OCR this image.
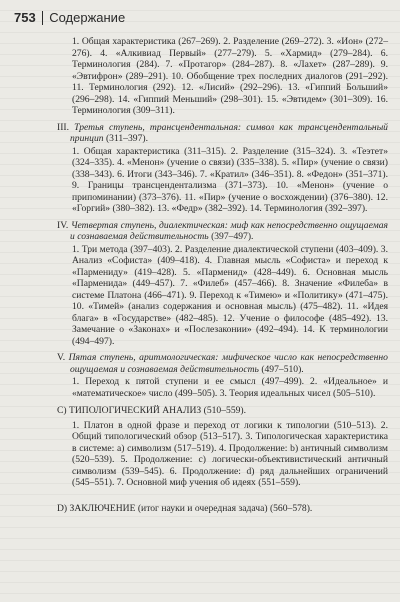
753 Содержание
1. Общая характеристика (267–269). 2. Разделение (269–272). 3. «Ион» (272–276). 4. «Алкивиад Первый» (277–279). 5. «Хармид» (279–284). 6. Терминология (284). 7. «Протагор» (284–287). 8. «Лахет» (287–289). 9. «Эвтифрон» (289–291). 10. Обобщение трех последних диалогов (291–292). 11. Терминология (292). 12. «Лисий» (292–296). 13. «Гиппий Больший» (296–298). 14. «Гиппий Меньший» (298–301). 15. «Эвтидем» (301–309). 16. Терминология (309–311).
III. Третья ступень, трансцендентальная: символ как трансцендентальный принцип (311–397).
1. Общая характеристика (311–315). 2. Разделение (315–324). 3. «Теэтет» (324–335). 4. «Менон» (учение о связи) (335–338). 5. «Пир» (учение о связи) (338–343). 6. Итоги (343–346). 7. «Кратил» (346–351). 8. «Федон» (351–371). 9. Границы трансцендентализма (371–373). 10. «Менон» (учение о припоминании) (373–376). 11. «Пир» (учение о восхождении) (376–380). 12. «Горгий» (380–382). 13. «Федр» (382–392). 14. Терминология (392–397).
IV. Четвертая ступень, диалектическая: миф как непосредственно ощущаемая и сознаваемая действительность (397–497).
1. Три метода (397–403). 2. Разделение диалектической ступени (403–409). 3. Анализ «Софиста» (409–418). 4. Главная мысль «Софиста» и переход к «Пармениду» (419–428). 5. «Парменид» (428–449). 6. Основная мысль «Парменида» (449–457). 7. «Филеб» (457–466). 8. Значение «Филеба» в системе Платона (466–471). 9. Переход к «Тимею» и «Политику» (471–475). 10. «Тимей» (анализ содержания и основная мысль) (475–482). 11. «Идея блага» в «Государстве» (482–485). 12. Учение о философе (485–492). 13. Замечание о «Законах» и «Послезаконии» (492–494). 14. К терминологии (494–497).
V. Пятая ступень, аритмологическая: мифическое число как непосредственно ощущаемая и сознаваемая действительность (497–510).
1. Переход к пятой ступени и ее смысл (497–499). 2. «Идеальное» и «математическое» число (499–505). 3. Теория идеальных чисел (505–510).
С) ТИПОЛОГИЧЕСКИЙ АНАЛИЗ (510–559).
1. Платон в одной фразе и переход от логики к типологии (510–513). 2. Общий типологический обзор (513–517). 3. Типологическая характеристика в системе: а) символизм (517–519). 4. Продолжение: b) античный символизм (520–539). 5. Продолжение: c) логически-объективистический античный символизм (539–545). 6. Продолжение: d) ряд дальнейших ограничений (545–551). 7. Основной миф учения об идеях (551–559).
D) ЗАКЛЮЧЕНИЕ (итог науки и очередная задача) (560–578).
